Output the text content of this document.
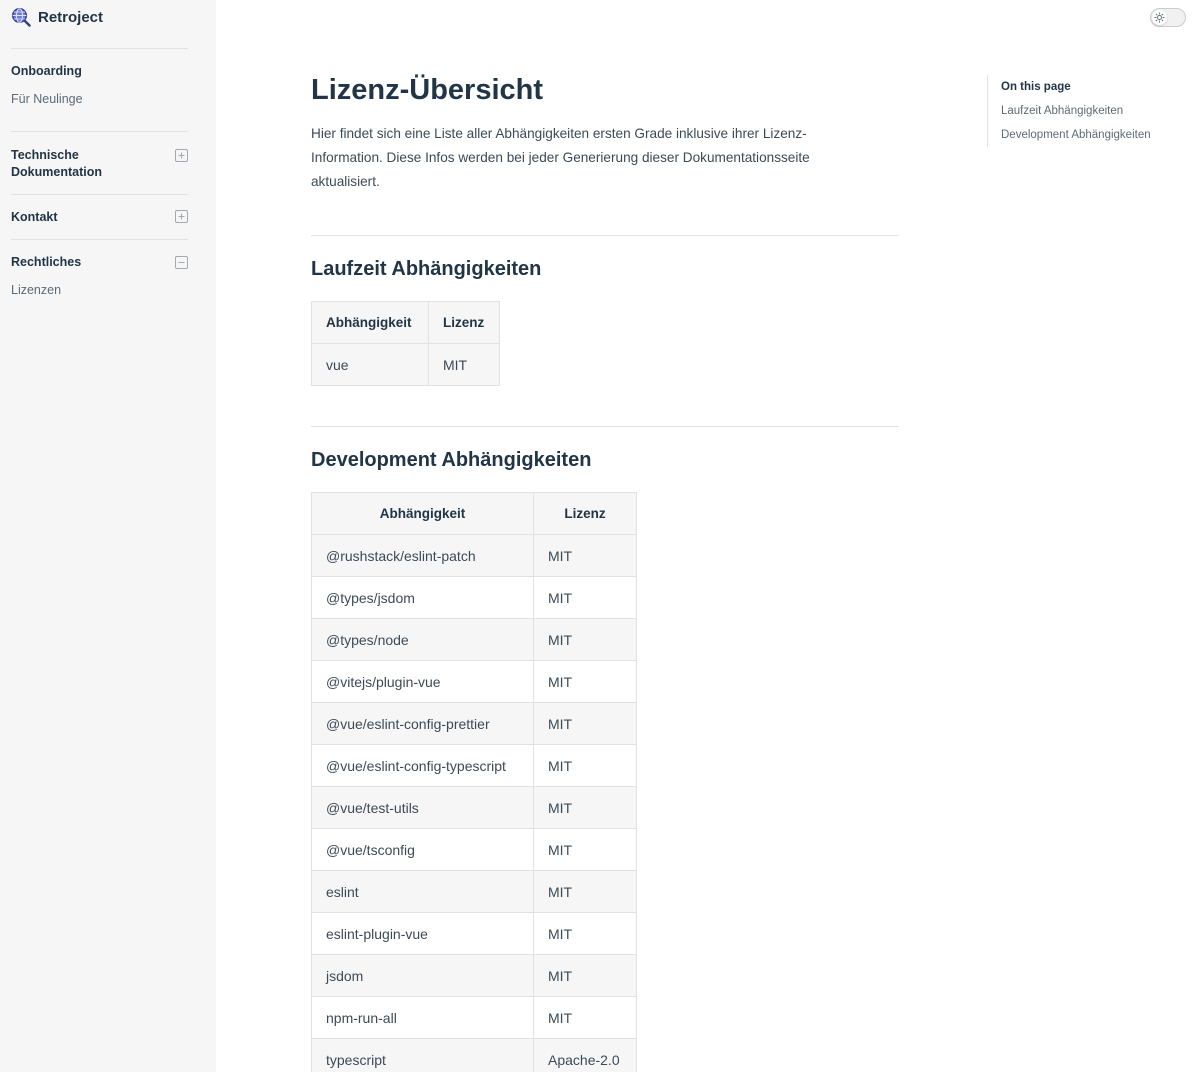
Retroject
Onboarding
Für Neulinge
Technische Dokumentation
Kontakt
Rechtliches
Lizenzen
Lizenz-Übersicht

Hier findet sich eine Liste aller Abhängigkeiten ersten Grade inklusive ihrer Lizenz-Information. Diese Infos werden bei jeder Generierung dieser Dokumentationsseite aktualisiert.

Laufzeit Abhängigkeiten
Abhängigkeit	Lizenz
vue	MIT
Development Abhängigkeiten
Abhängigkeit	Lizenz
@rushstack/eslint-patch	MIT
@types/jsdom	MIT
@types/node	MIT
@vitejs/plugin-vue	MIT
@vue/eslint-config-prettier	MIT
@vue/eslint-config-typescript	MIT
@vue/test-utils	MIT
@vue/tsconfig	MIT
eslint	MIT
eslint-plugin-vue	MIT
jsdom	MIT
npm-run-all	MIT
typescript	Apache-2.0
On this page
Laufzeit Abhängigkeiten
Development Abhängigkeiten
